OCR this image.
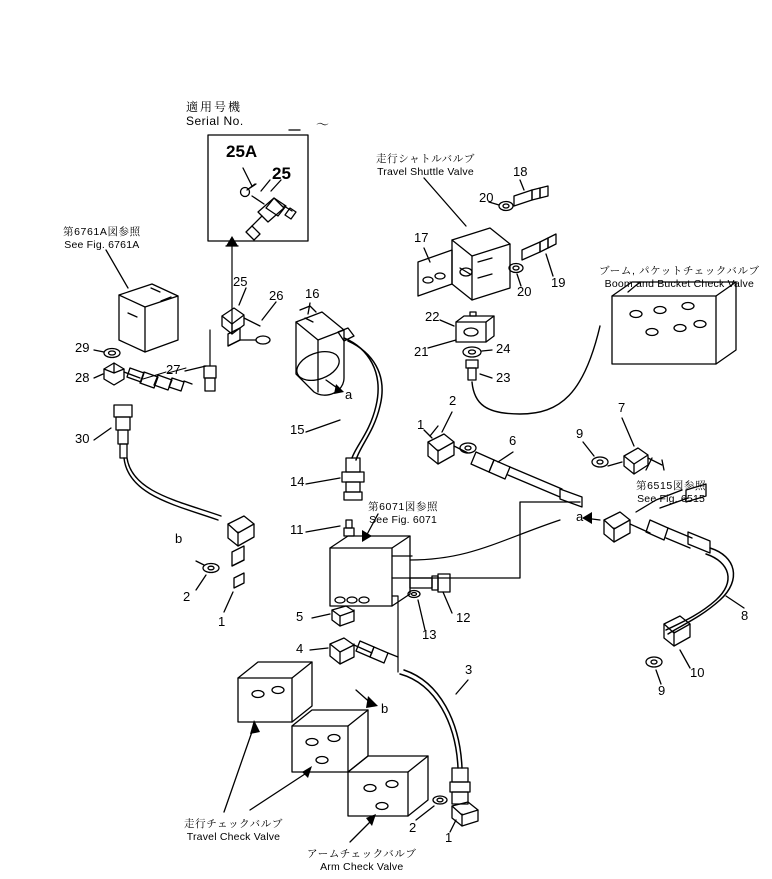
適用号機
Serial No.	～
25A
25
第6761A図参照
See Fig. 6761A
走行シャトルバルブ
Travel Shuttle Valve
ブーム, パケットチェックバルブ
Boom and Bucket Check Valve
第6515図参照
See Fig. 6515
第6071図参照
See Fig. 6071
走行チェックバルブ
Travel Check Valve
アームチェックバルブ
Arm Check Valve
29
28
30
27
25
26 16
15
14
11
5
4
13
12
17
18
20
19
20
22
21	24
23
2
1
6	9
7
8
10
9
2
1
3
2
1
a
a
b
b
